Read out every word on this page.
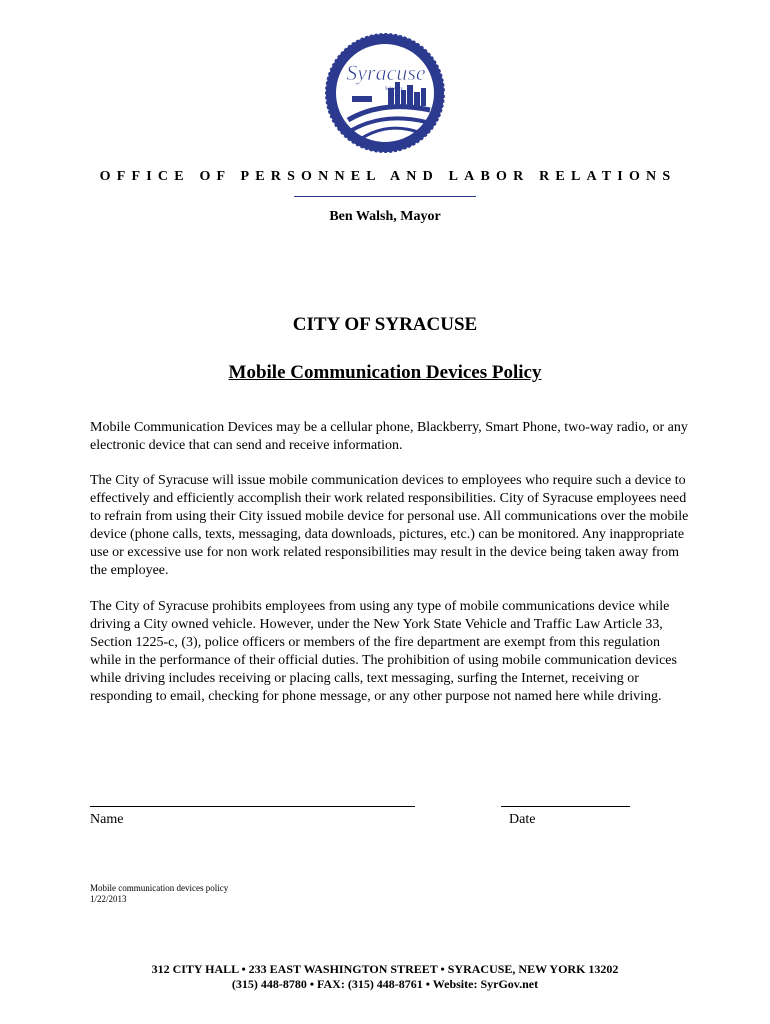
Syracuse
Salt City
OFFICE OF PERSONNEL AND LABOR RELATIONS
Ben Walsh, Mayor
CITY OF SYRACUSE
Mobile Communication Devices Policy

Mobile Communication Devices may be a cellular phone, Blackberry, Smart Phone, two-way radio, or any electronic device that can send and receive information.

The City of Syracuse will issue mobile communication devices to employees who require such a device to effectively and efficiently accomplish their work related responsibilities. City of Syracuse employees need to refrain from using their City issued mobile device for personal use. All communications over the mobile device (phone calls, texts, messaging, data downloads, pictures, etc.) can be monitored. Any inappropriate use or excessive use for non work related responsibilities may result in the device being taken away from the employee.

The City of Syracuse prohibits employees from using any type of mobile communications device while driving a City owned vehicle. However, under the New York State Vehicle and Traffic Law Article 33, Section 1225-c, (3), police officers or members of the fire department are exempt from this regulation while in the performance of their official duties. The prohibition of using mobile communication devices while driving includes receiving or placing calls, text messaging, surfing the Internet, receiving or responding to email, checking for phone message, or any other purpose not named here while driving.

Name	Date
Mobile communication devices policy
1/22/2013
312 CITY HALL • 233 EAST WASHINGTON STREET • SYRACUSE, NEW YORK 13202
(315) 448-8780 • FAX: (315) 448-8761 • Website: SyrGov.net
